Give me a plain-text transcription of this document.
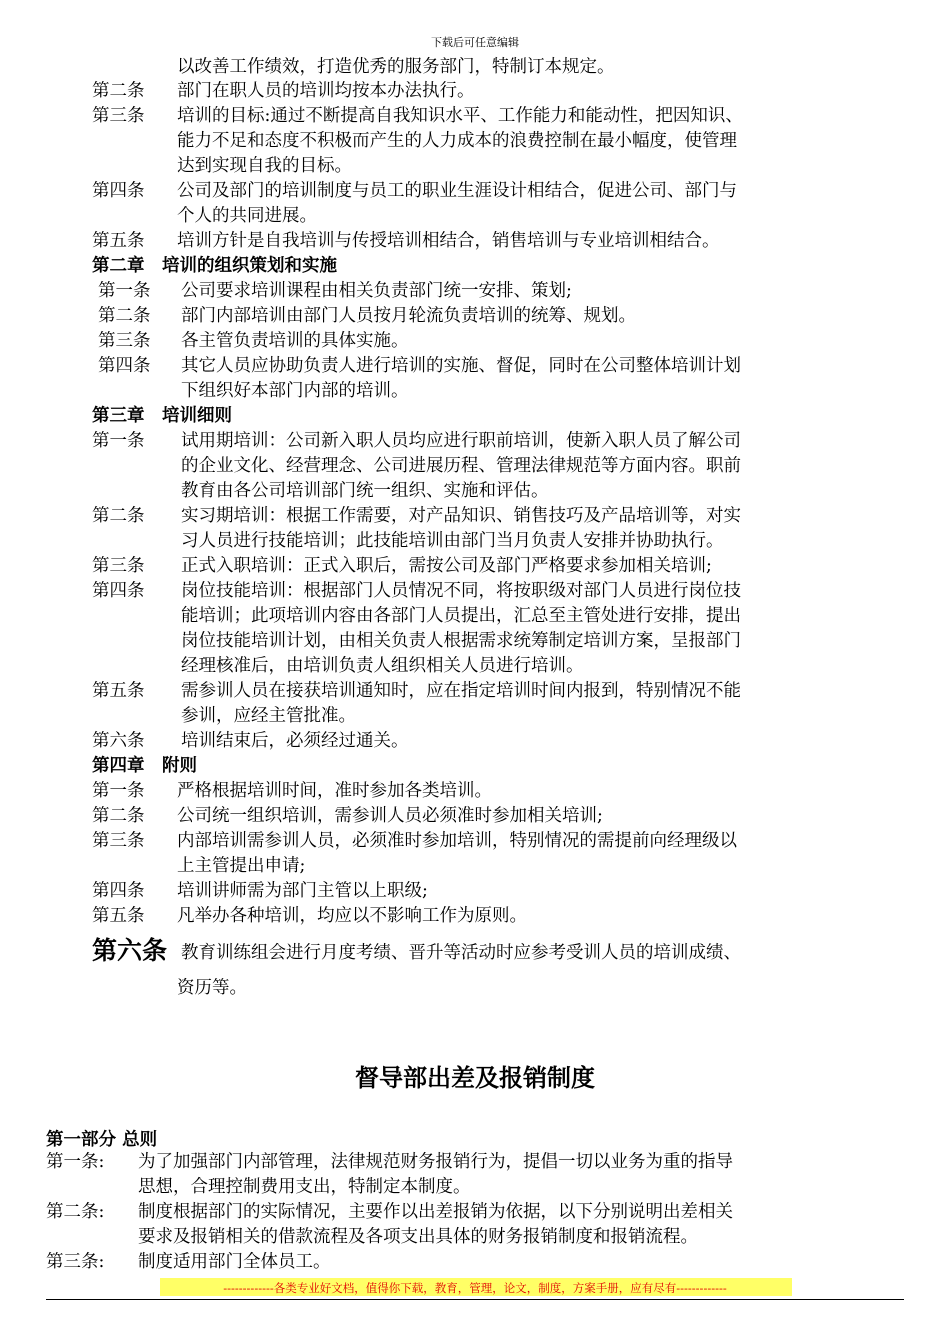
下载后可任意编辑
以改善工作绩效，打造优秀的服务部门，特制订本规定。
第二条 部门在职人员的培训均按本办法执行。
第三条 培训的目标:通过不断提高自我知识水平、工作能力和能动性，把因知识、
能力不足和态度不积极而产生的人力成本的浪费控制在最小幅度，使管理
达到实现自我的目标。
第四条 公司及部门的培训制度与员工的职业生涯设计相结合，促进公司、部门与
个人的共同进展。
第五条 培训方针是自我培训与传授培训相结合，销售培训与专业培训相结合。
第二章　培训的组织策划和实施
第一条 公司要求培训课程由相关负责部门统一安排、策划;
第二条 部门内部培训由部门人员按月轮流负责培训的统筹、规划。
第三条 各主管负责培训的具体实施。
第四条 其它人员应协助负责人进行培训的实施、督促，同时在公司整体培训计划
下组织好本部门内部的培训。
第三章　培训细则
第一条 试用期培训：公司新入职人员均应进行职前培训，使新入职人员了解公司
的企业文化、经营理念、公司进展历程、管理法律规范等方面内容。职前
教育由各公司培训部门统一组织、实施和评估。
第二条 实习期培训：根据工作需要，对产品知识、销售技巧及产品培训等，对实
习人员进行技能培训；此技能培训由部门当月负责人安排并协助执行。
第三条 正式入职培训：正式入职后，需按公司及部门严格要求参加相关培训;
第四条 岗位技能培训：根据部门人员情况不同，将按职级对部门人员进行岗位技
能培训；此项培训内容由各部门人员提出，汇总至主管处进行安排，提出
岗位技能培训计划，由相关负责人根据需求统筹制定培训方案，呈报部门
经理核准后，由培训负责人组织相关人员进行培训。
第五条 需参训人员在接获培训通知时，应在指定培训时间内报到，特别情况不能
参训，应经主管批准。
第六条 培训结束后，必须经过通关。
第四章　附则
第一条 严格根据培训时间，准时参加各类培训。
第二条 公司统一组织培训，需参训人员必须准时参加相关培训;
第三条 内部培训需参训人员，必须准时参加培训，特别情况的需提前向经理级以
上主管提出申请;
第四条 培训讲师需为部门主管以上职级;
第五条 凡举办各种培训，均应以不影响工作为原则。
第六条 教育训练组会进行月度考绩、晋升等活动时应参考受训人员的培训成绩、
资历等。
督导部出差及报销制度
第一部分 总则
第一条: 为了加强部门内部管理，法律规范财务报销行为，提倡一切以业务为重的指导
思想，合理控制费用支出，特制定本制度。
第二条: 制度根据部门的实际情况，主要作以出差报销为依据，以下分别说明出差相关
要求及报销相关的借款流程及各项支出具体的财务报销制度和报销流程。
第三条: 制度适用部门全体员工。
-------------各类专业好文档，值得你下载，教育，管理，论文，制度，方案手册，应有尽有-------------
